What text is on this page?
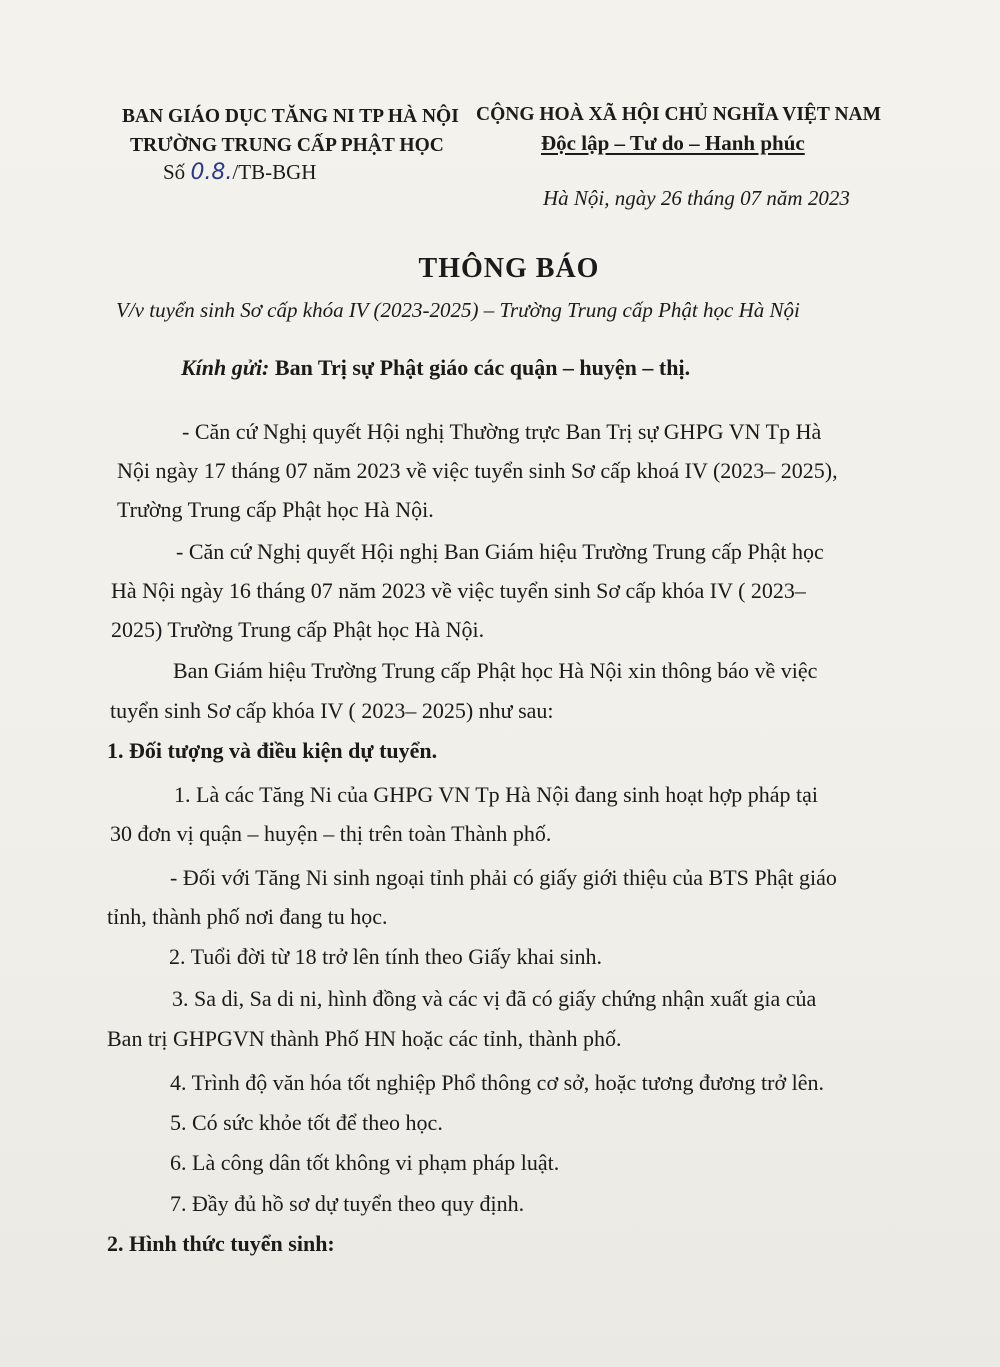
BAN GIÁO DỤC TĂNG NI TP HÀ NỘI
TRƯỜNG TRUNG CẤP PHẬT HỌC
Số 0.8./TB-BGH
CỘNG HOÀ XÃ HỘI CHỦ NGHĨA VIỆT NAM
Độc lập – Tư do – Hanh phúc
Hà Nội, ngày 26 tháng 07 năm 2023
THÔNG BÁO
V/v tuyển sinh Sơ cấp khóa IV (2023-2025) – Trường Trung cấp Phật học Hà Nội
Kính gửi: Ban Trị sự Phật giáo các quận – huyện – thị.
- Căn cứ Nghị quyết Hội nghị Thường trực Ban Trị sự GHPG VN Tp Hà
Nội ngày 17 tháng 07 năm 2023 về việc tuyển sinh Sơ cấp khoá IV (2023– 2025),
Trường Trung cấp Phật học Hà Nội.
- Căn cứ Nghị quyết Hội nghị Ban Giám hiệu Trường Trung cấp Phật học
Hà Nội ngày 16 tháng 07 năm 2023 về việc tuyển sinh Sơ cấp khóa IV ( 2023–
2025) Trường Trung cấp Phật học Hà Nội.
Ban Giám hiệu Trường Trung cấp Phật học Hà Nội xin thông báo về việc
tuyển sinh Sơ cấp khóa IV ( 2023– 2025) như sau:
1. Đối tượng và điều kiện dự tuyển.
1. Là các Tăng Ni của GHPG VN Tp Hà Nội đang sinh hoạt hợp pháp tại
30 đơn vị quận – huyện – thị trên toàn Thành phố.
- Đối với Tăng Ni sinh ngoại tỉnh phải có giấy giới thiệu của BTS Phật giáo
tỉnh, thành phố nơi đang tu học.
2. Tuổi đời từ 18 trở lên tính theo Giấy khai sinh.
3. Sa di, Sa di ni, hình đồng và các vị đã có giấy chứng nhận xuất gia của
Ban trị GHPGVN thành Phố HN hoặc các tỉnh, thành phố.
4. Trình độ văn hóa tốt nghiệp Phổ thông cơ sở, hoặc tương đương trở lên.
5. Có sức khỏe tốt để theo học.
6. Là công dân tốt không vi phạm pháp luật.
7. Đầy đủ hồ sơ dự tuyển theo quy định.
2. Hình thức tuyển sinh:
